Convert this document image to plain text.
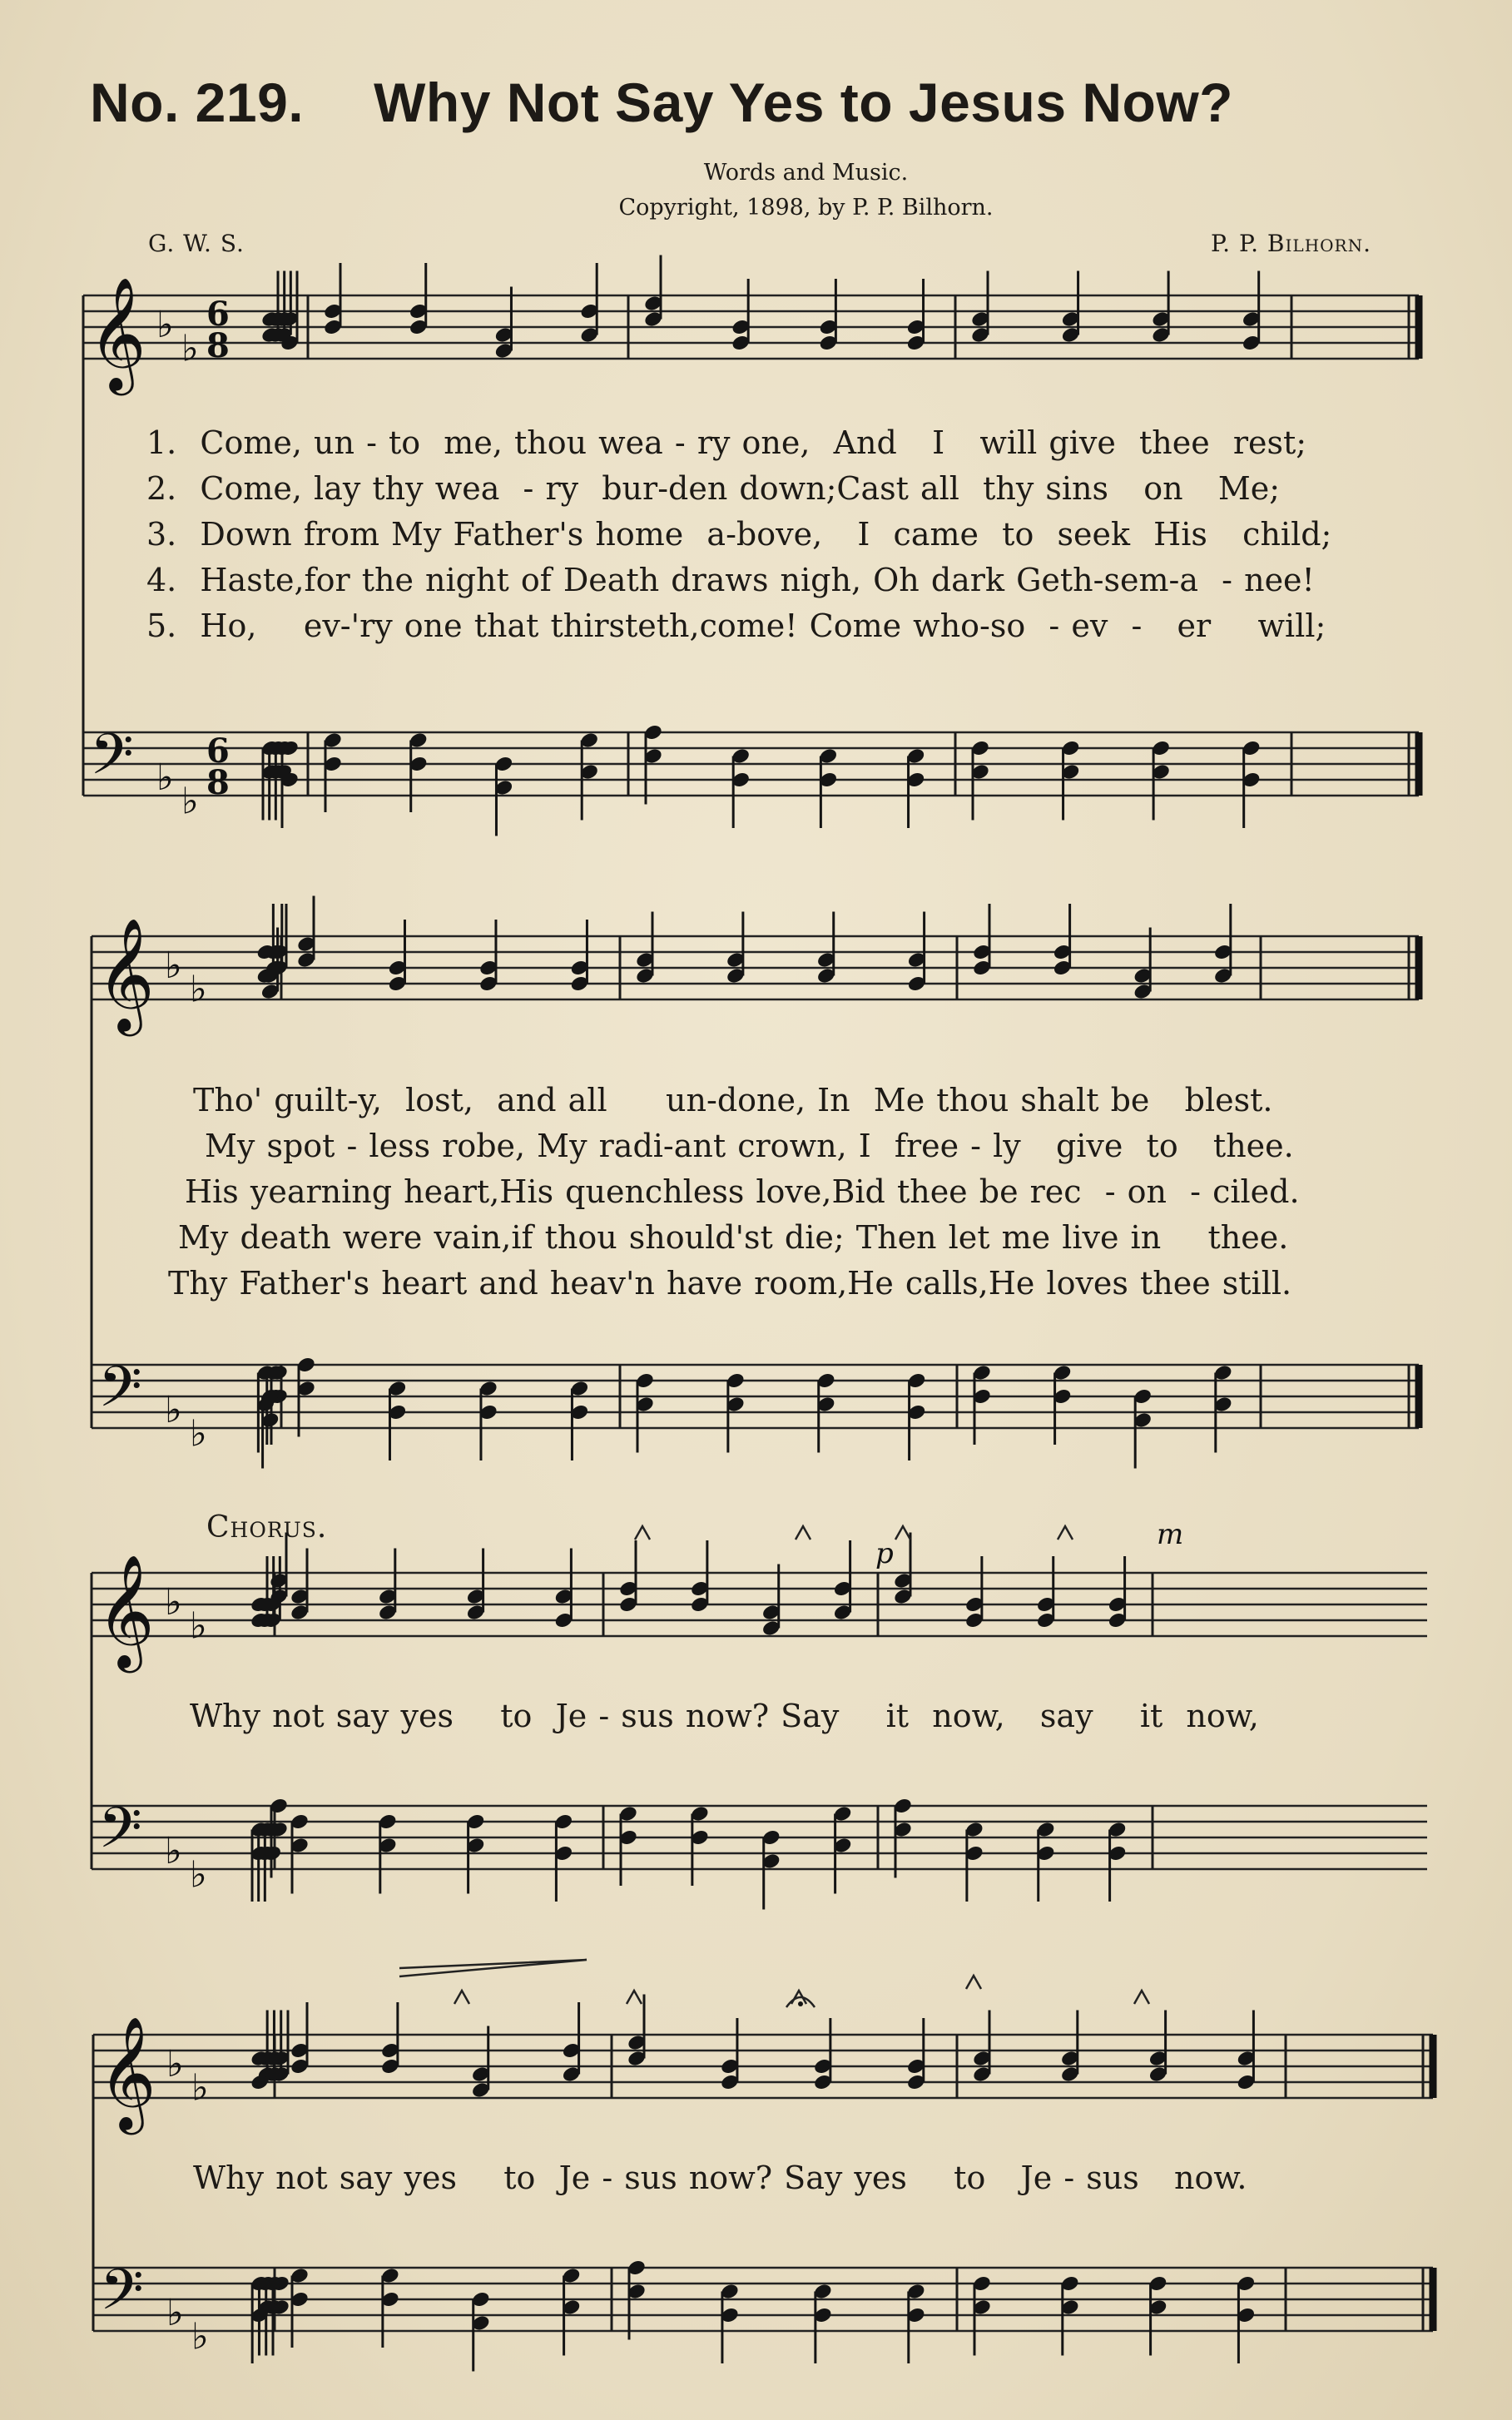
No. 219. Why Not Say Yes to Jesus Now?
Words and Music.
Copyright, 1898, by P. P. Bilhorn.
G. W. S.	P. P. Bilhorn.
1.  Come, un - to  me, thou wea - ry one,  And   I   will give  thee  rest;
2.  Come, lay thy wea  - ry  bur-den down;Cast all  thy sins   on   Me;
3.  Down from My Father's home  a-bove,   I  came  to  seek  His   child;
4.  Haste,for the night of Death draws nigh, Oh dark Geth-sem-a  - nee!
5.  Ho,    ev-'ry one that thirsteth,come! Come who-so  - ev  -   er    will;
Tho' guilt-y,  lost,  and all     un-done, In  Me thou shalt be   blest.
My spot - less robe, My radi-ant crown, I  free - ly   give  to   thee.
His yearning heart,His quenchless love,Bid thee be rec  - on  - ciled.
My death were vain,if thou should'st die; Then let me live in    thee.
Thy Father's heart and heav'n have room,He calls,He loves thee still.
Chorus.
Why not say yes    to  Je - sus now? Say    it  now,   say    it  now,
Why not say yes    to  Je - sus now? Say yes    to   Je - sus   now.
𝄞 ♭
♭
6
8
𝄢 ♭
♭
6
8
𝄞 ♭
♭
𝄢 ♭
♭
𝄞 ♭
♭
𝄢 ♭
♭
𝄞 ♭
♭
𝄢 ♭
♭
p
m
